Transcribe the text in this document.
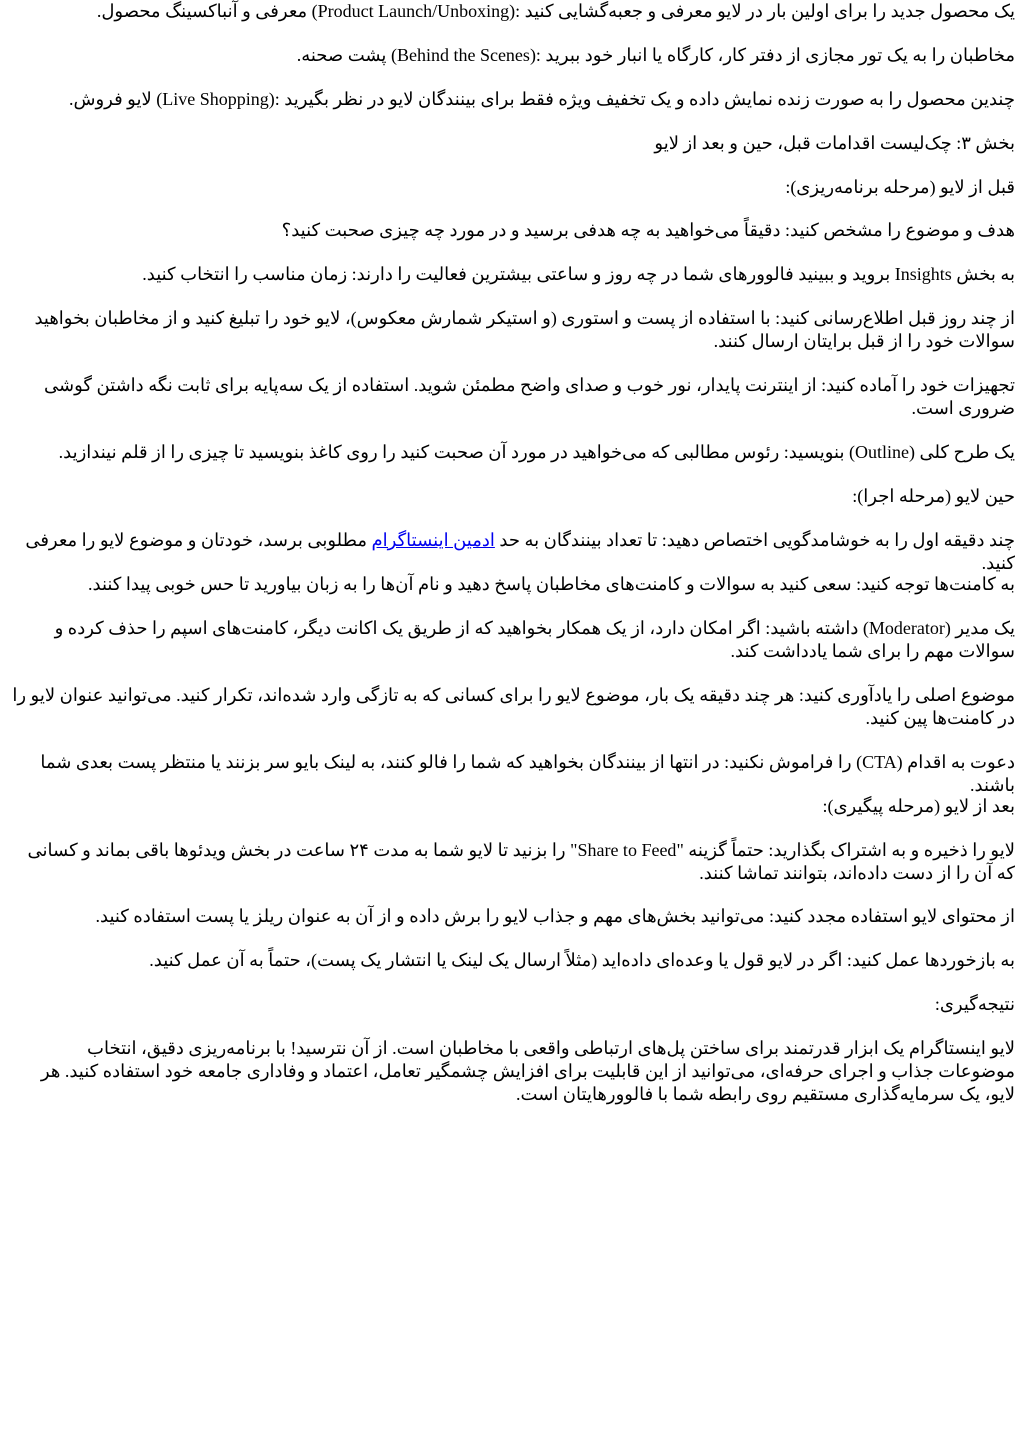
یک محصول جدید را برای اولین بار در لایو معرفی و جعبه‌گشایی کنید :(Product Launch/Unboxing) معرفی و آنباکسینگ محصول.

مخاطبان را به یک تور مجازی از دفتر کار، کارگاه یا انبار خود ببرید :(Behind the Scenes) پشت صحنه.

چندین محصول را به صورت زنده نمایش داده و یک تخفیف ویژه فقط برای بینندگان لایو در نظر بگیرید :(Live Shopping) لایو فروش.

بخش ۳: چک‌لیست اقدامات قبل، حین و بعد از لایو

قبل از لایو (مرحله برنامه‌ریزی):

هدف و موضوع را مشخص کنید: دقیقاً می‌خواهید به چه هدفی برسید و در مورد چه چیزی صحبت کنید؟

به بخش Insights بروید و ببینید فالوورهای شما در چه روز و ساعتی بیشترین فعالیت را دارند: زمان مناسب را انتخاب کنید.

از چند روز قبل اطلاع‌رسانی کنید: با استفاده از پست و استوری (و استیکر شمارش معکوس)، لایو خود را تبلیغ کنید و از مخاطبان بخواهید سوالات خود را از قبل برایتان ارسال کنند.

تجهیزات خود را آماده کنید: از اینترنت پایدار، نور خوب و صدای واضح مطمئن شوید. استفاده از یک سه‌پایه برای ثابت نگه داشتن گوشی ضروری است.

یک طرح کلی (Outline) بنویسید: رئوس مطالبی که می‌خواهید در مورد آن صحبت کنید را روی کاغذ بنویسید تا چیزی را از قلم نیندازید.

حین لایو (مرحله اجرا):

چند دقیقه اول را به خوشامدگویی اختصاص دهید: تا تعداد بینندگان به حد ادمین اینستاگرام مطلوبی برسد، خودتان و موضوع لایو را معرفی کنید.

به کامنت‌ها توجه کنید: سعی کنید به سوالات و کامنت‌های مخاطبان پاسخ دهید و نام آن‌ها را به زبان بیاورید تا حس خوبی پیدا کنند.

یک مدیر (Moderator) داشته باشید: اگر امکان دارد، از یک همکار بخواهید که از طریق یک اکانت دیگر، کامنت‌های اسپم را حذف کرده و سوالات مهم را برای شما یادداشت کند.

موضوع اصلی را یادآوری کنید: هر چند دقیقه یک بار، موضوع لایو را برای کسانی که به تازگی وارد شده‌اند، تکرار کنید. می‌توانید عنوان لایو را در کامنت‌ها پین کنید.

دعوت به اقدام (CTA) را فراموش نکنید: در انتها از بینندگان بخواهید که شما را فالو کنند، به لینک بایو سر بزنند یا منتظر پست بعدی شما باشند.

بعد از لایو (مرحله پیگیری):

لایو را ذخیره و به اشتراک بگذارید: حتماً گزینه "Share to Feed" را بزنید تا لایو شما به مدت ۲۴ ساعت در بخش ویدئوها باقی بماند و کسانی که آن را از دست داده‌اند، بتوانند تماشا کنند.

از محتوای لایو استفاده مجدد کنید: می‌توانید بخش‌های مهم و جذاب لایو را برش داده و از آن به عنوان ریلز یا پست استفاده کنید.

به بازخوردها عمل کنید: اگر در لایو قول یا وعده‌ای داده‌اید (مثلاً ارسال یک لینک یا انتشار یک پست)، حتماً به آن عمل کنید.

نتیجه‌گیری:

لایو اینستاگرام یک ابزار قدرتمند برای ساختن پل‌های ارتباطی واقعی با مخاطبان است. از آن نترسید! با برنامه‌ریزی دقیق، انتخاب موضوعات جذاب و اجرای حرفه‌ای، می‌توانید از این قابلیت برای افزایش چشمگیر تعامل، اعتماد و وفاداری جامعه خود استفاده کنید. هر لایو، یک سرمایه‌گذاری مستقیم روی رابطه شما با فالوورهایتان است.
